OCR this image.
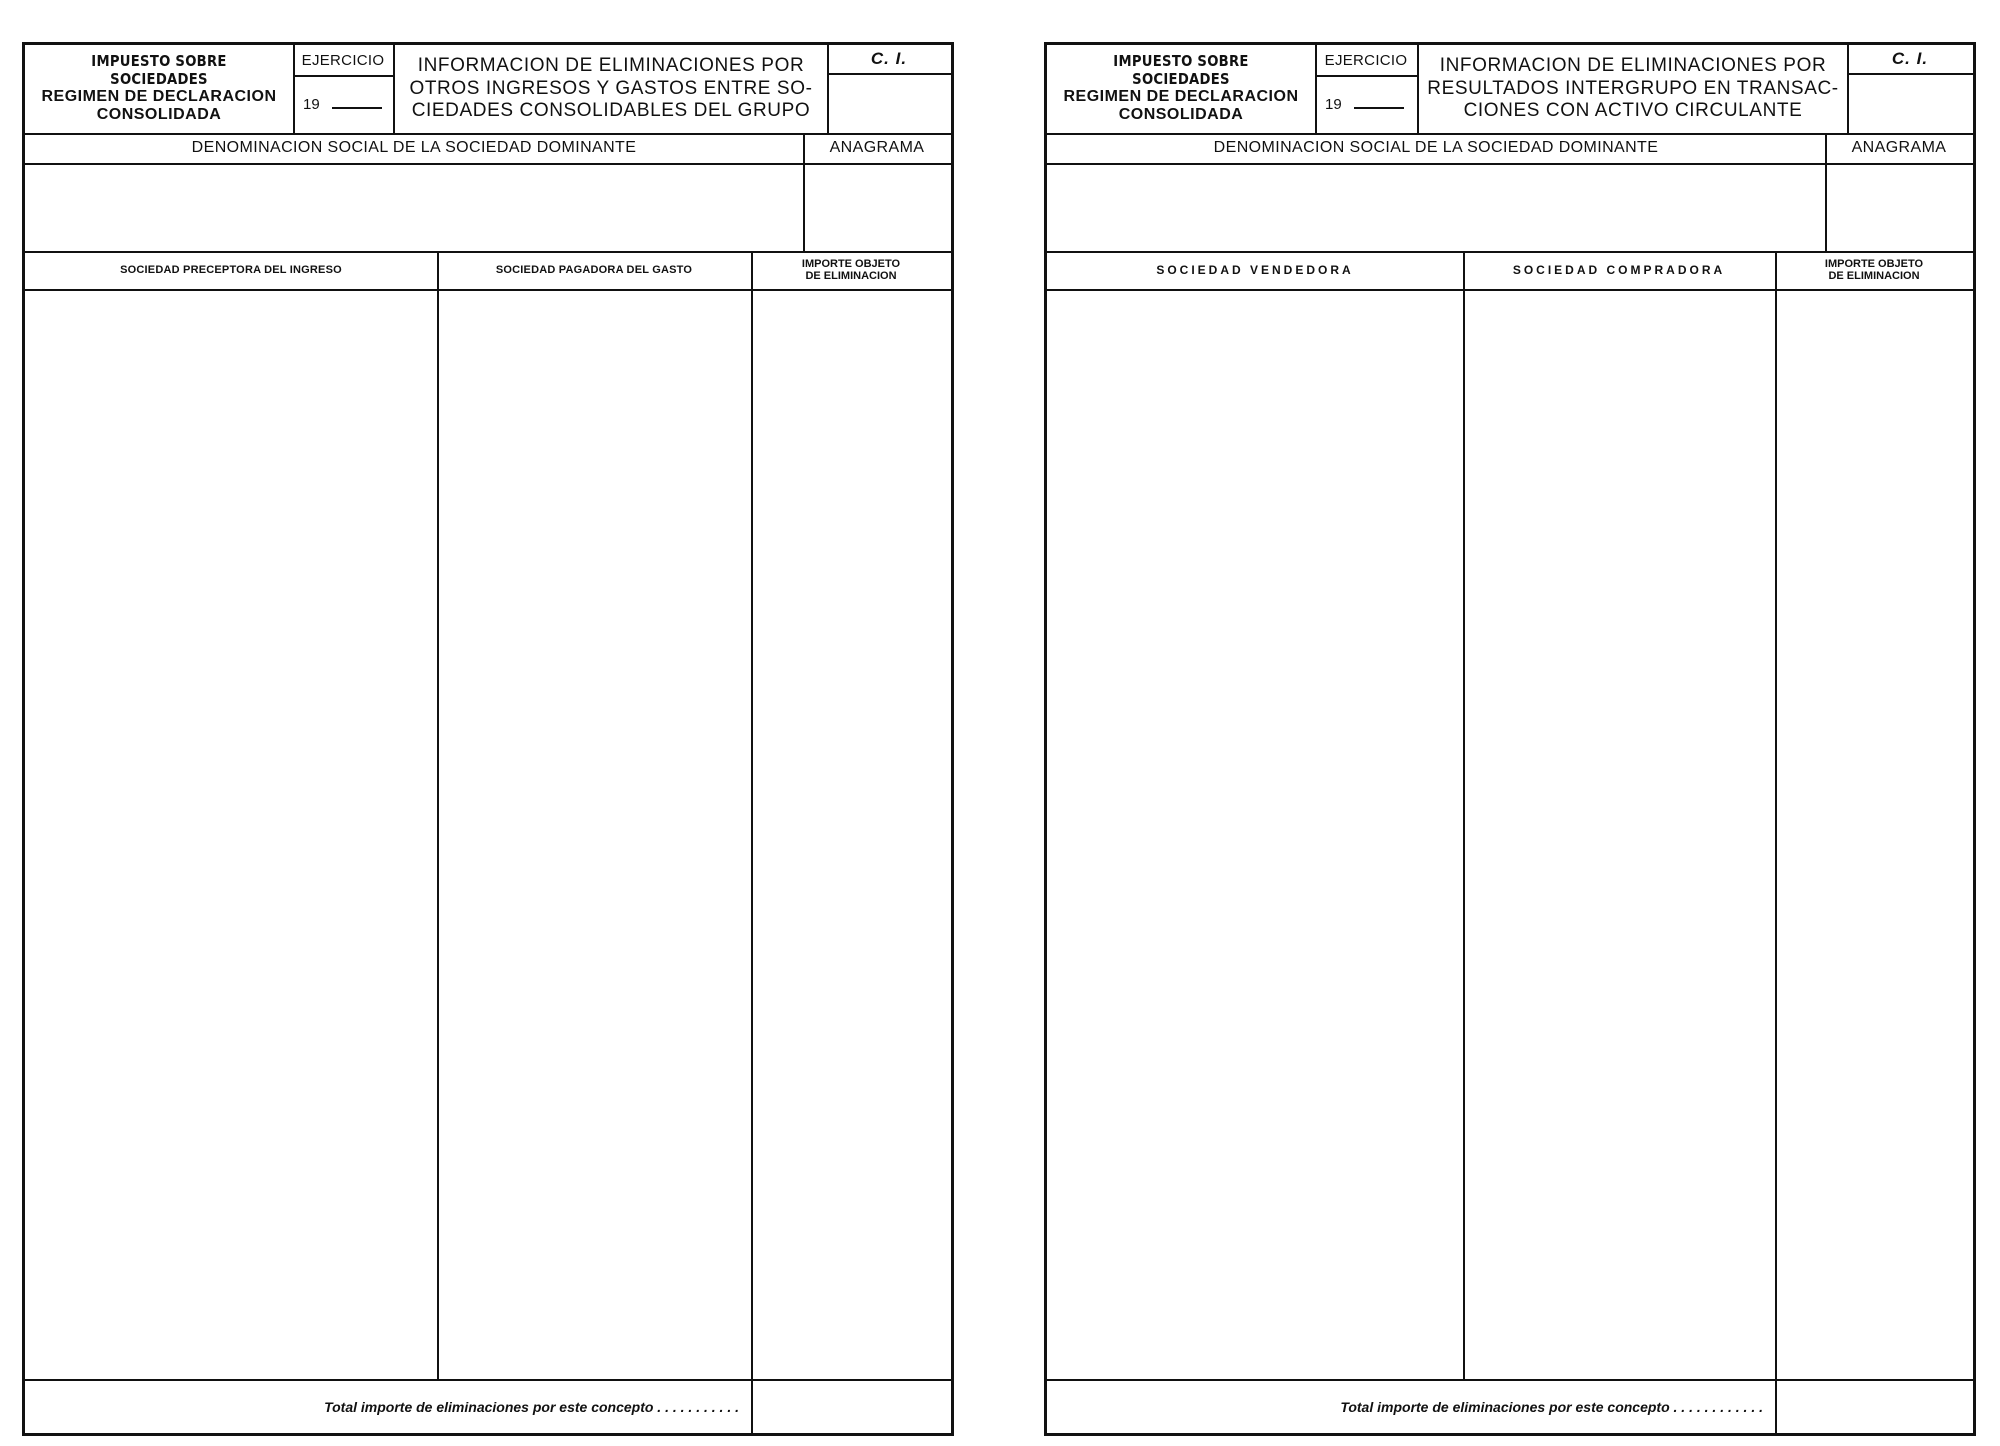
IMPUESTO SOBRE SOCIEDADES
REGIMEN DE DECLARACION
CONSOLIDADA
EJERCICIO
19
INFORMACION DE ELIMINACIONES POR
OTROS INGRESOS Y GASTOS ENTRE SO-
CIEDADES CONSOLIDABLES DEL GRUPO
C. I.
DENOMINACION SOCIAL DE LA SOCIEDAD DOMINANTE	ANAGRAMA
SOCIEDAD PRECEPTORA DEL INGRESO	SOCIEDAD PAGADORA DEL GASTO
IMPORTE OBJETO
DE ELIMINACION
Total importe de eliminaciones por este concepto . . . . . . . . . . .
IMPUESTO SOBRE SOCIEDADES
REGIMEN DE DECLARACION
CONSOLIDADA
EJERCICIO
19
INFORMACION DE ELIMINACIONES POR
RESULTADOS INTERGRUPO EN TRANSAC-
CIONES CON ACTIVO CIRCULANTE
C. I.
DENOMINACION SOCIAL DE LA SOCIEDAD DOMINANTE	ANAGRAMA
SOCIEDAD VENDEDORA	SOCIEDAD COMPRADORA	IMPORTE OBJETO
DE ELIMINACION
Total importe de eliminaciones por este concepto . . . . . . . . . . . .
